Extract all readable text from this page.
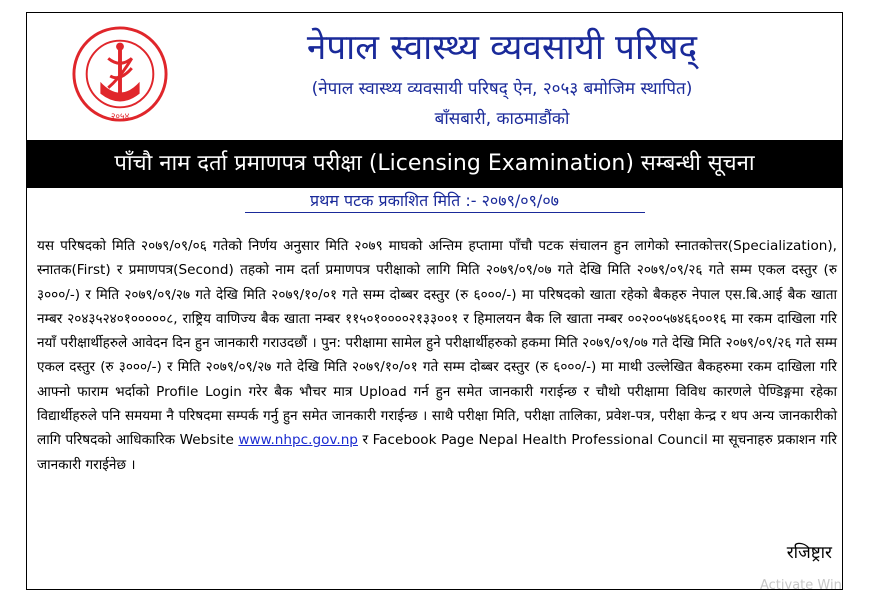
२०५४
नेपाल स्वास्थ्य व्यवसायी परिषद्
(नेपाल स्वास्थ्य व्यवसायी परिषद् ऐन, २०५३ बमोजिम स्थापित)
बाँसबारी, काठमाडौंको
पाँचौ नाम दर्ता प्रमाणपत्र परीक्षा (Licensing Examination) सम्बन्धी सूचना
प्रथम पटक प्रकाशित मिति :- २०७९/०९/०७
यस परिषदको मिति २०७९/०९/०६ गतेको निर्णय अनुसार मिति २०७९ माघको अन्तिम हप्तामा पाँचौ पटक संचालन हुन लागेको स्नातकोत्तर(Specialization), स्नातक(First) र प्रमाणपत्र(Second) तहको नाम दर्ता प्रमाणपत्र परीक्षाको लागि मिति २०७९/०९/०७ गते देखि मिति २०७९/०९/२६ गते सम्म एकल दस्तुर (रु ३०००/-) र मिति २०७९/०९/२७ गते देखि मिति २०७९/१०/०१ गते सम्म दोब्बर दस्तुर (रु ६०००/-) मा परिषदको खाता रहेको बैकहरु नेपाल एस.बि.आई बैक खाता नम्बर २०४३५२४०१०००००८, राष्ट्रिय वाणिज्य बैक खाता नम्बर ११५०१००००२१३३००१ र हिमालयन बैक लि खाता नम्बर ००२००५७४६६००१६ मा रकम दाखिला गरि नयाँ परीक्षार्थीहरुले आवेदन दिन हुन जानकारी गराउदछौं । पुन: परीक्षामा सामेल हुने परीक्षार्थीहरुको हकमा मिति २०७९/०९/०७ गते देखि मिति २०७९/०९/२६ गते सम्म एकल दस्तुर (रु ३०००/-) र मिति २०७९/०९/२७ गते देखि मिति २०७९/१०/०१ गते सम्म दोब्बर दस्तुर (रु ६०००/-) मा माथी उल्लेखित बैकहरुमा रकम दाखिला गरि आफ्नो फाराम भर्दाको Profile Login गरेर बैक भौचर मात्र Upload गर्न हुन समेत जानकारी गराईन्छ र चौथो परीक्षामा विविध कारणले पेण्डिङ्गमा रहेका विद्यार्थीहरुले पनि समयमा नै परिषदमा सम्पर्क गर्नु हुन समेत जानकारी गराईन्छ । साथै परीक्षा मिति, परीक्षा तालिका, प्रवेश-पत्र, परीक्षा केन्द्र र थप अन्य जानकारीको लागि परिषदको आधिकारिक Website www.nhpc.gov.np र Facebook Page Nepal Health Professional Council मा सूचनाहरु प्रकाशन गरि जानकारी गराईनेछ ।
रजिष्ट्रार
Activate Win
